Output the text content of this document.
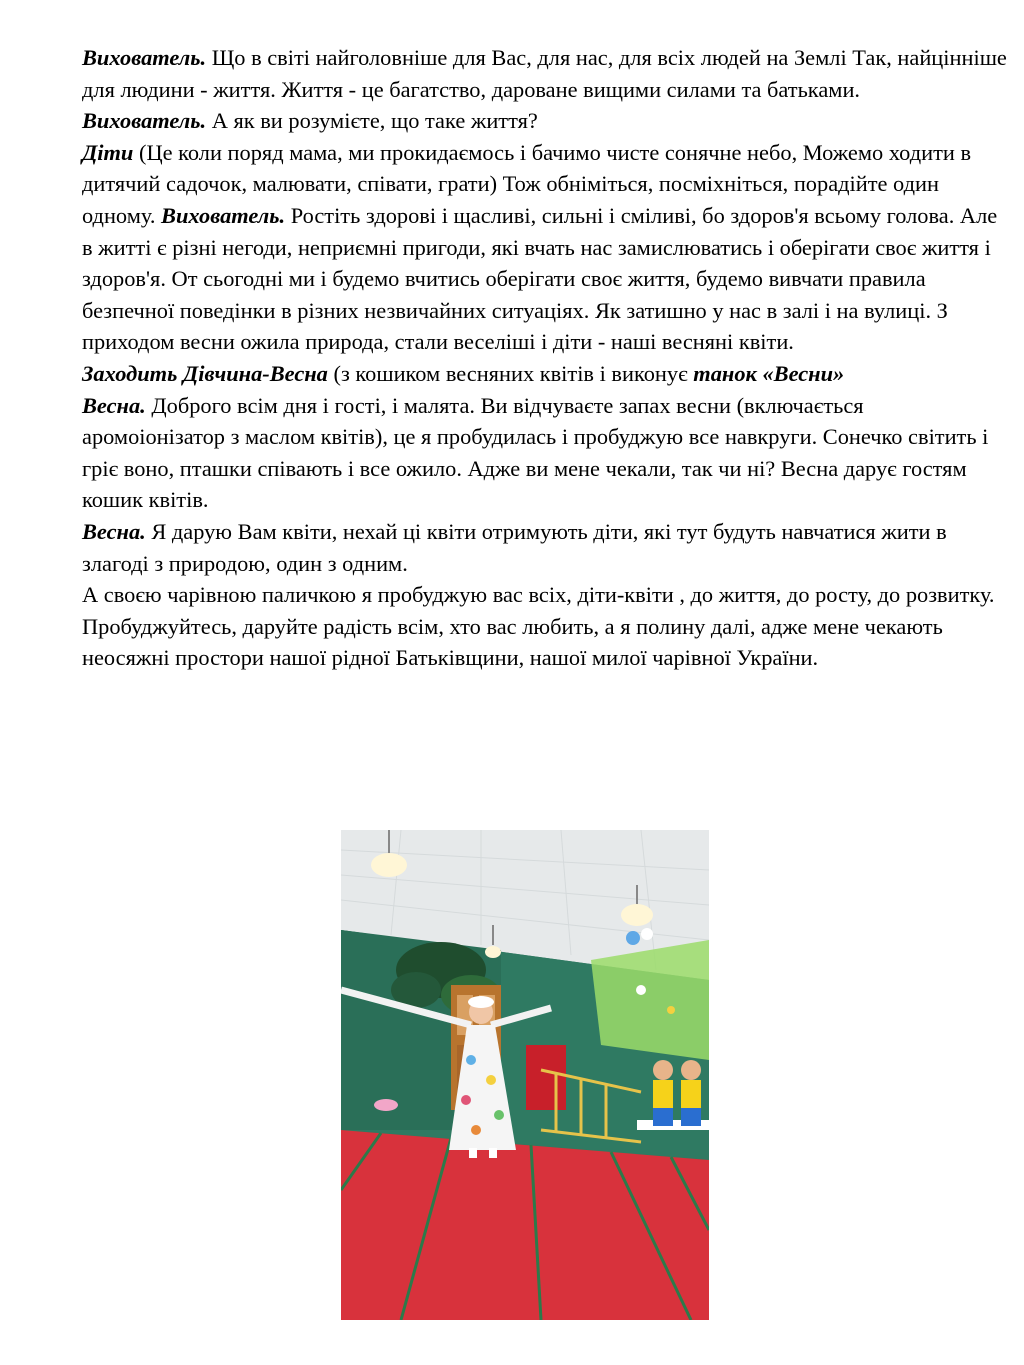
Вихователь. Що в світі найголовніше для Вас, для нас, для всіх людей на Землі Так, найцінніше для людини - життя. Життя - це багатство, дароване вищими силами та батьками.

Вихователь. А як ви розумієте, що таке життя?

Діти (Це коли поряд мама, ми прокидаємось і бачимо чисте сонячне небо, Можемо ходити в дитячий садочок, малювати, співати, грати) Тож обніміться, посміхніться, порадійте один одному. Вихователь. Ростіть здорові і щасливі, сильні і сміливі, бо здоров'я всьому голова. Але в житті є різні негоди, неприємні пригоди, які вчать нас замислюватись і оберігати своє життя і здоров'я. От сьогодні ми і будемо вчитись оберігати своє життя, будемо вивчати правила безпечної поведінки в різних незвичайних ситуаціях. Як затишно у нас в залі і на вулиці. З приходом весни ожила природа, стали веселіші і діти - наші весняні квіти.

Заходить Дівчина-Весна (з кошиком весняних квітів і виконує танок «Весни»

Весна. Доброго всім дня і гості, і малята. Ви відчуваєте запах весни (включається аромоіонізатор з маслом квітів), це я пробудилась і пробуджую все навкруги. Сонечко світить і гріє воно, пташки співають і все ожило. Адже ви мене чекали, так чи ні? Весна дарує гостям кошик квітів.

Весна. Я дарую Вам квіти, нехай ці квіти отримують діти, які тут будуть навчатися жити в злагоді з природою, один з одним.

А своєю чарівною паличкою я пробуджую вас всіх, діти-квіти , до життя, до росту, до розвитку. Пробуджуйтесь, даруйте радість всім, хто вас любить, а я полину далі, адже мене чекають неосяжні простори нашої рідної Батьківщини, нашої милої чарівної України.
